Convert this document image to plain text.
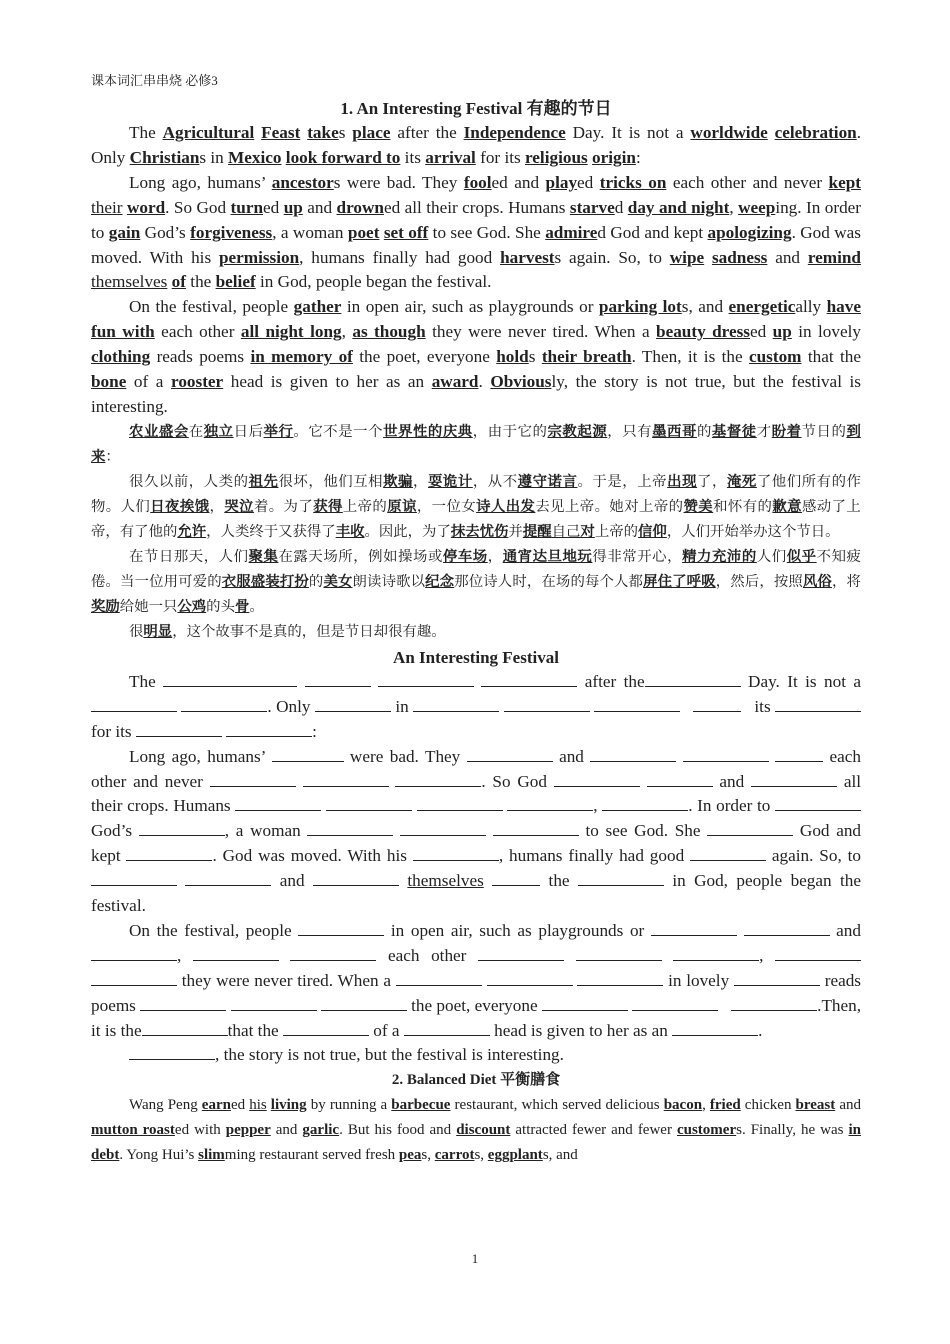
课本词汇串串烧 必修3
1. An Interesting Festival 有趣的节日

The Agricultural Feast takes place after the Independence Day. It is not a worldwide celebration. Only Christians in Mexico look forward to its arrival for its religious origin:

Long ago, humans’ ancestors were bad. They fooled and played tricks on each other and never kept their word. So God turned up and drowned all their crops. Humans starved day and night, weeping. In order to gain God’s forgiveness, a woman poet set off to see God. She admired God and kept apologizing. God was moved. With his permission, humans finally had good harvests again. So, to wipe sadness and remind themselves of the belief in God, people began the festival.

On the festival, people gather in open air, such as playgrounds or parking lots, and energetically have fun with each other all night long, as though they were never tired. When a beauty dressed up in lovely clothing reads poems in memory of the poet, everyone holds their breath. Then, it is the custom that the bone of a rooster head is given to her as an award. Obviously, the story is not true, but the festival is interesting.

农业盛会在独立日后举行。它不是一个世界性的庆典，由于它的宗教起源，只有墨西哥的基督徒才盼着节日的到来：

很久以前，人类的祖先很坏，他们互相欺骗，耍诡计，从不遵守诺言。于是，上帝出现了，淹死了他们所有的作物。人们日夜挨饿，哭泣着。为了获得上帝的原谅，一位女诗人出发去见上帝。她对上帝的赞美和怀有的歉意感动了上帝，有了他的允许，人类终于又获得了丰收。因此，为了抹去忧伤并提醒自己对上帝的信仰，人们开始举办这个节日。

在节日那天，人们聚集在露天场所，例如操场或停车场，通宵达旦地玩得非常开心，精力充沛的人们似乎不知疲倦。当一位用可爱的衣服盛装打扮的美女朗读诗歌以纪念那位诗人时，在场的每个人都屏住了呼吸，然后，按照风俗，将奖励给她一只公鸡的头骨。

很明显，这个故事不是真的，但是节日却很有趣。

An Interesting Festival

The	after the	Day. It is not a  . Only	in	its  for its	:

Long ago, humans’	were bad. They	and	each other and never	. So God	and	all their crops. Humans	,	. In order to  God’s	, a woman	to see God. She	God and kept	. God was moved. With his	, humans finally had good	again. So, to  and	themselves	the	in God, people began the festival.

On the festival, people	in open air, such as playgrounds or	and ,	each other	,   they were never tired. When a	in lovely	reads poems	the poet, everyone	.Then, it is the	that the	of a	head is given to her as an	.

, the story is not true, but the festival is interesting.

2. Balanced Diet 平衡膳食

Wang Peng earned his living by running a barbecue restaurant, which served delicious bacon, fried chicken breast and mutton roasted with pepper and garlic. But his food and discount attracted fewer and fewer customers. Finally, he was in debt. Yong Hui’s slimming restaurant served fresh peas, carrots, eggplants, and

1
